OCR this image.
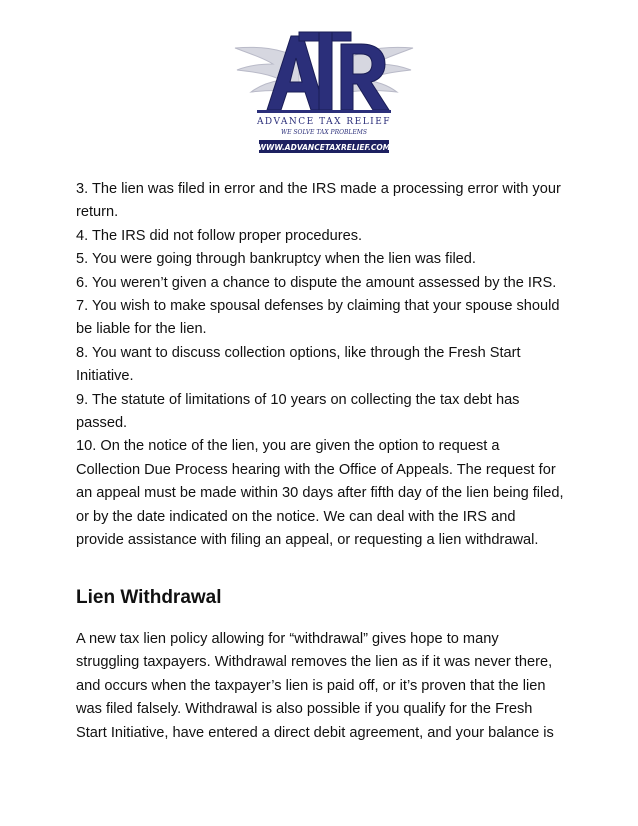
ADVANCE TAX RELIEF
WE SOLVE TAX PROBLEMS
WWW.ADVANCETAXRELIEF.COM
3. The lien was filed in error and the IRS made a processing error with your
return.
4. The IRS did not follow proper procedures.
5. You were going through bankruptcy when the lien was filed.
6. You weren’t given a chance to dispute the amount assessed by the IRS.
7. You wish to make spousal defenses by claiming that your spouse should
be liable for the lien.
8. You want to discuss collection options, like through the Fresh Start
Initiative.
9. The statute of limitations of 10 years on collecting the tax debt has
passed.
10. On the notice of the lien, you are given the option to request a
Collection Due Process hearing with the Office of Appeals. The request for
an appeal must be made within 30 days after fifth day of the lien being filed,
or by the date indicated on the notice. We can deal with the IRS and
provide assistance with filing an appeal, or requesting a lien withdrawal.
Lien Withdrawal
A new tax lien policy allowing for “withdrawal” gives hope to many
struggling taxpayers. Withdrawal removes the lien as if it was never there,
and occurs when the taxpayer’s lien is paid off, or it’s proven that the lien
was filed falsely. Withdrawal is also possible if you qualify for the Fresh
Start Initiative, have entered a direct debit agreement, and your balance is
